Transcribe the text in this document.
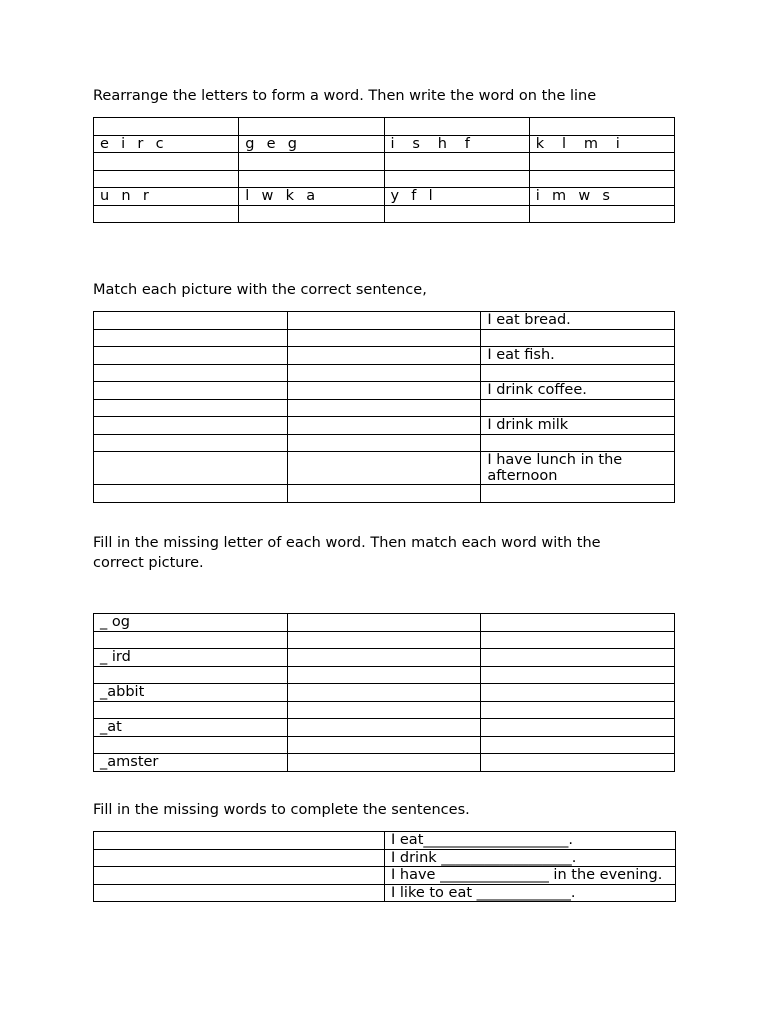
Rearrange the letters to form a word. Then write the word on the line

e  i  r  c	g  e  g	i   s   h   f	k   l   m   i

u  n  r	l  w  k  a	y  f  l	i  m  w  s

Match each picture with the correct sentence,

		I eat bread.

		I eat fish.

		I drink coffee.

		I drink milk

		I have lunch in the afternoon

Fill in the missing letter of each word. Then match each word with the correct picture.

_ og		

_ ird		

_abbit		

_at		

_amster		

Fill in the missing words to complete the sentences.

	I eat____________________.
	I drink __________________.
	I have _______________ in the evening.
	I like to eat _____________.
